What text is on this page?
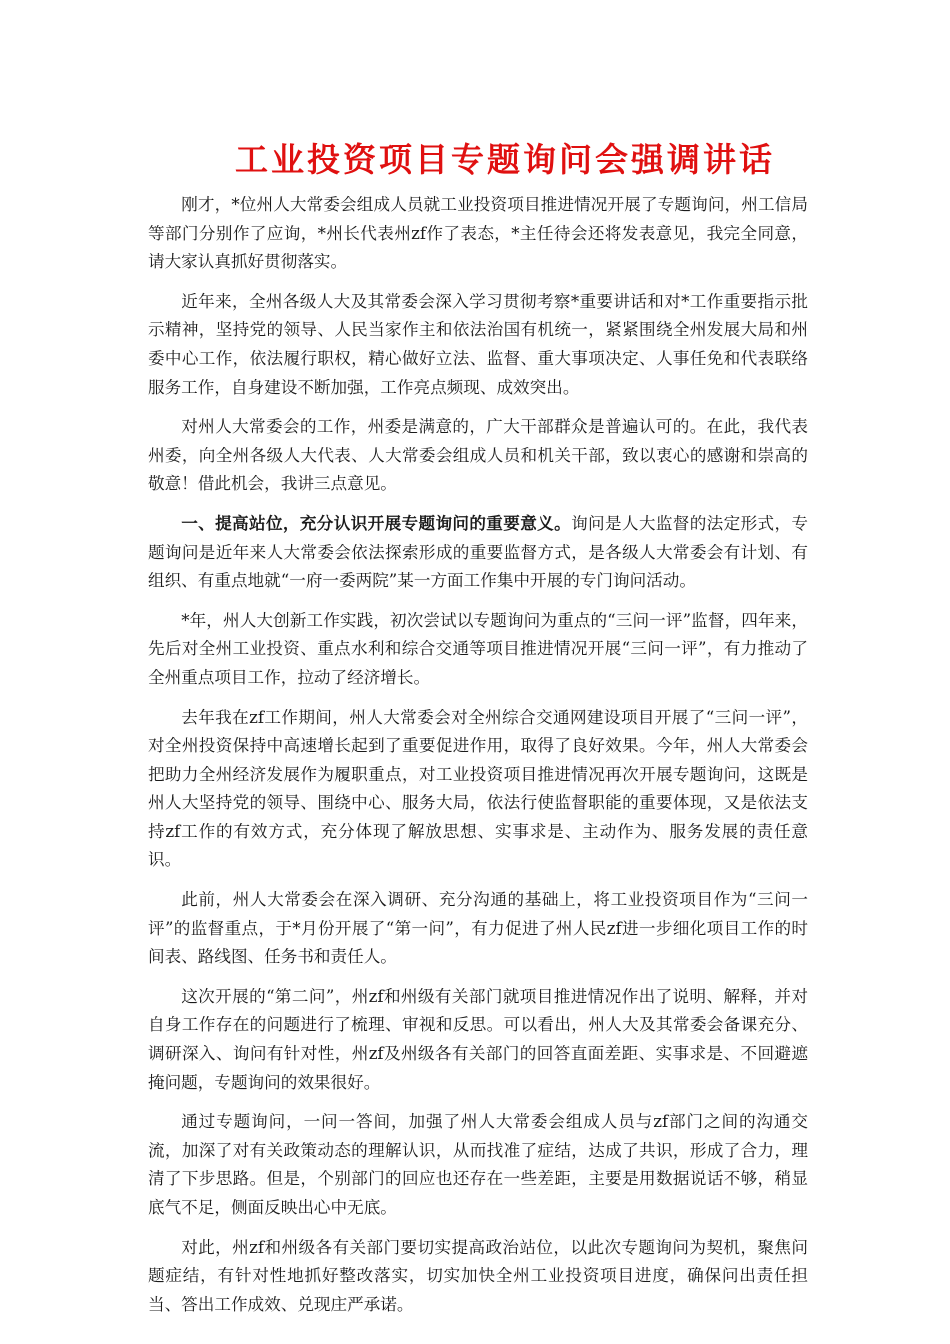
工业投资项目专题询问会强调讲话

刚才，*位州人大常委会组成人员就工业投资项目推进情况开展了专题询问，州工信局等部门分别作了应询，*州长代表州zf作了表态，*主任待会还将发表意见，我完全同意，请大家认真抓好贯彻落实。

近年来，全州各级人大及其常委会深入学习贯彻考察*重要讲话和对*工作重要指示批示精神，坚持党的领导、人民当家作主和依法治国有机统一，紧紧围绕全州发展大局和州委中心工作，依法履行职权，精心做好立法、监督、重大事项决定、人事任免和代表联络服务工作，自身建设不断加强，工作亮点频现、成效突出。

对州人大常委会的工作，州委是满意的，广大干部群众是普遍认可的。在此，我代表州委，向全州各级人大代表、人大常委会组成人员和机关干部，致以衷心的感谢和崇高的敬意！借此机会，我讲三点意见。

一、提高站位，充分认识开展专题询问的重要意义。询问是人大监督的法定形式，专题询问是近年来人大常委会依法探索形成的重要监督方式，是各级人大常委会有计划、有组织、有重点地就“一府一委两院”某一方面工作集中开展的专门询问活动。

*年，州人大创新工作实践，初次尝试以专题询问为重点的“三问一评”监督，四年来，先后对全州工业投资、重点水利和综合交通等项目推进情况开展“三问一评”，有力推动了全州重点项目工作，拉动了经济增长。

去年我在zf工作期间，州人大常委会对全州综合交通网建设项目开展了“三问一评”，对全州投资保持中高速增长起到了重要促进作用，取得了良好效果。今年，州人大常委会把助力全州经济发展作为履职重点，对工业投资项目推进情况再次开展专题询问，这既是州人大坚持党的领导、围绕中心、服务大局，依法行使监督职能的重要体现，又是依法支持zf工作的有效方式，充分体现了解放思想、实事求是、主动作为、服务发展的责任意识。

此前，州人大常委会在深入调研、充分沟通的基础上，将工业投资项目作为“三问一评”的监督重点，于*月份开展了“第一问”，有力促进了州人民zf进一步细化项目工作的时间表、路线图、任务书和责任人。

这次开展的“第二问”，州zf和州级有关部门就项目推进情况作出了说明、解释，并对自身工作存在的问题进行了梳理、审视和反思。可以看出，州人大及其常委会备课充分、调研深入、询问有针对性，州zf及州级各有关部门的回答直面差距、实事求是、不回避遮掩问题，专题询问的效果很好。

通过专题询问，一问一答间，加强了州人大常委会组成人员与zf部门之间的沟通交流，加深了对有关政策动态的理解认识，从而找准了症结，达成了共识，形成了合力，理清了下步思路。但是，个别部门的回应也还存在一些差距，主要是用数据说话不够，稍显底气不足，侧面反映出心中无底。

对此，州zf和州级各有关部门要切实提高政治站位，以此次专题询问为契机，聚焦问题症结，有针对性地抓好整改落实，切实加快全州工业投资项目进度，确保问出责任担当、答出工作成效、兑现庄严承诺。
